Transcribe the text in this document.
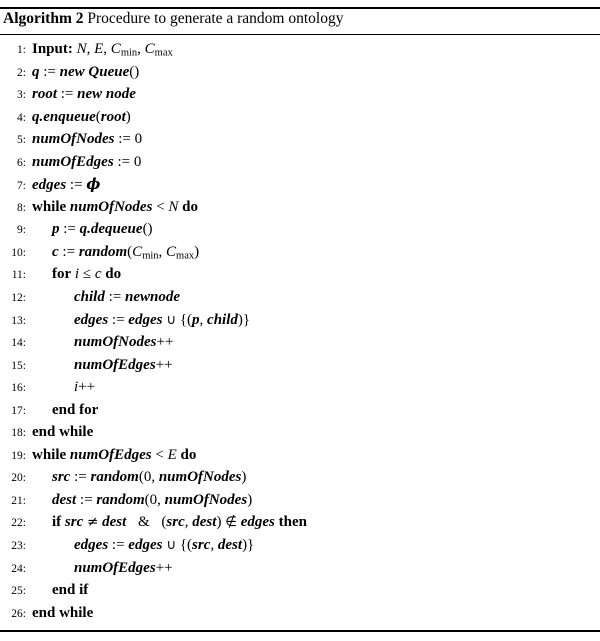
Algorithm 2 Procedure to generate a random ontology
1: Input: N, E, $C_{min}$, $C_{max}$
2: q := new Queue()
3: root := new node
4: q.enqueue(root)
5: numOfNodes := 0
6: numOfEdges := 0
7: edges := ϕ
8: while numOfNodes < N do
9:	p := q.dequeue()
10:	c := $random(C_{min}$, $C_{max}$)
11:	for i ≤ c do
12:	child := newnode
13:	edges := edges ∪ {(p, child)}
14:	numOfNodes++
15:	numOfEdges++
16:	i++
17:	end for
18: end while
19: while numOfEdges < E do
20:	src := random(0, numOfNodes)
21:	dest := random(0, numOfNodes)
22:	if src ≠ dest & (src, dest) ∉ edges then
23:	edges := edges ∪ {(src, dest)}
24:	numOfEdges++
25:	end if
26: end while
